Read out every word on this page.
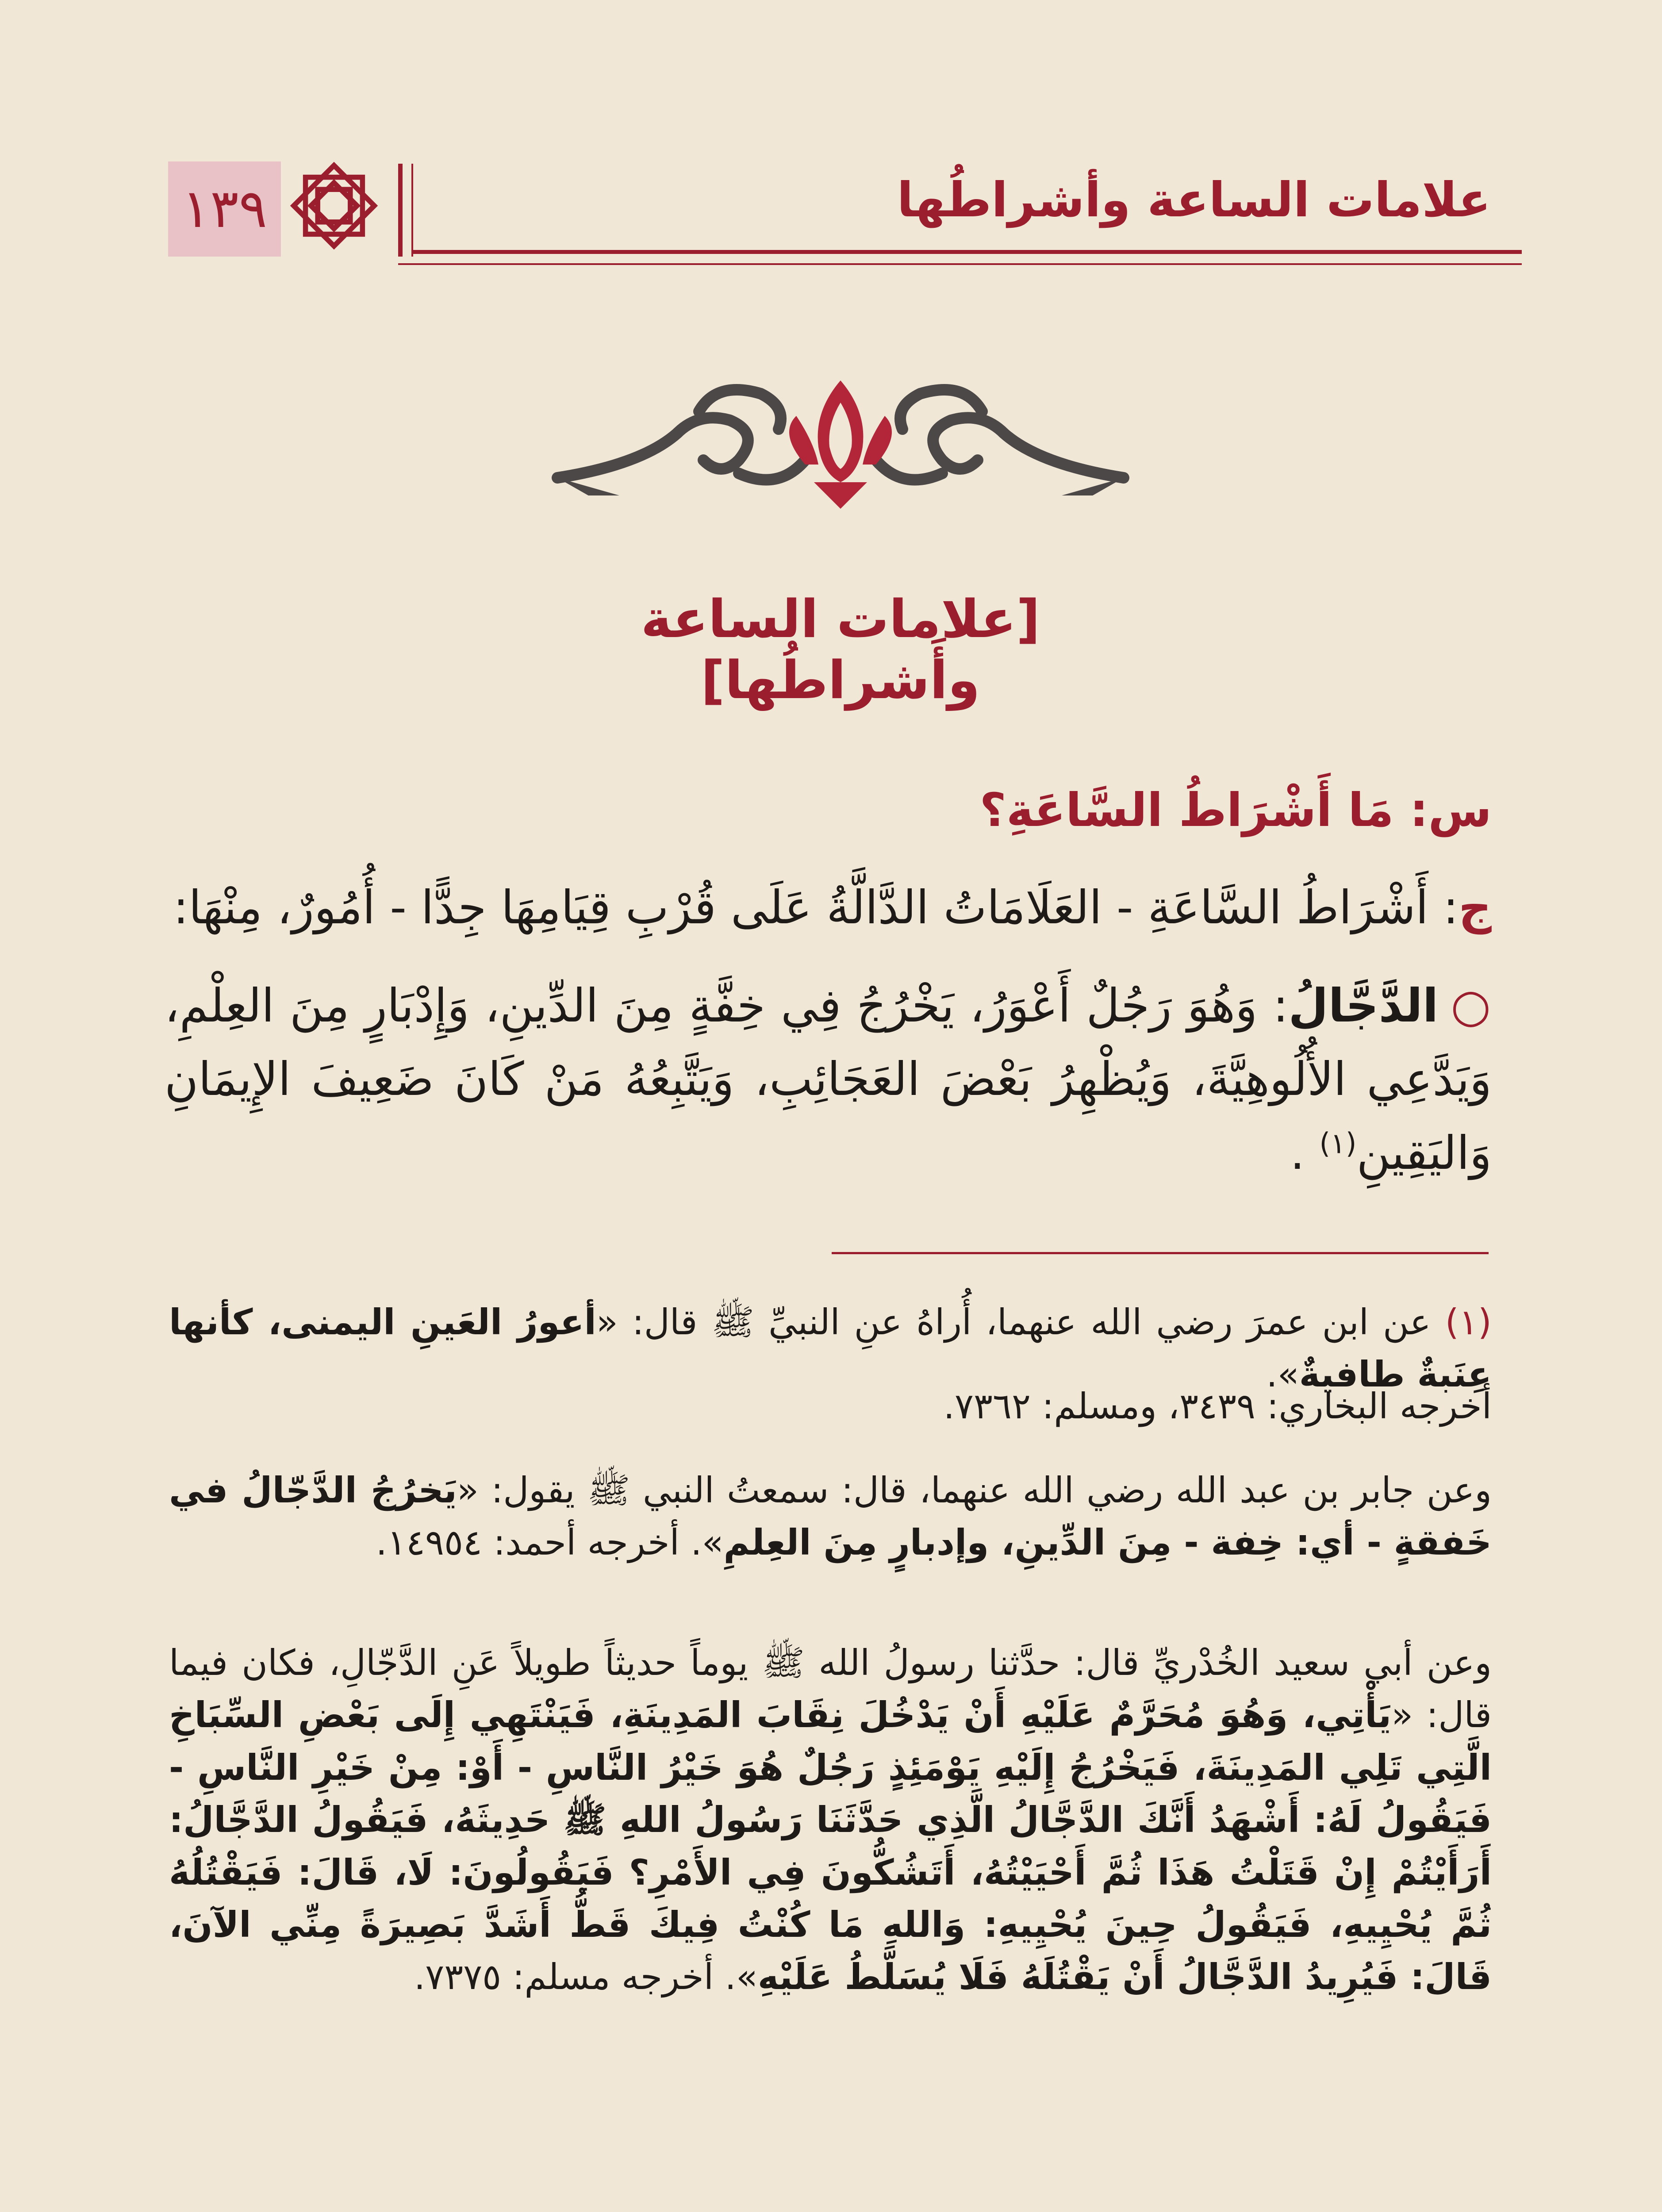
١٣٩	علامات الساعة وأشراطُها
[علامات الساعة وأَشراطُها]
س: مَا أَشْرَاطُ السَّاعَةِ؟
ج: أَشْرَاطُ السَّاعَةِ - العَلَامَاتُ الدَّالَّةُ عَلَى قُرْبِ قِيَامِهَا جِدًّا - أُمُورٌ، مِنْهَا:
○الدَّجَّالُ: وَهُوَ رَجُلٌ أَعْوَرُ، يَخْرُجُ فِي خِفَّةٍ مِنَ الدِّينِ، وَإِدْبَارٍ مِنَ العِلْمِ، وَيَدَّعِي الأُلُوهِيَّةَ، وَيُظْهِرُ بَعْضَ العَجَائِبِ، وَيَتَّبِعُهُ مَنْ كَانَ ضَعِيفَ الإِيمَانِ وَاليَقِينِ$^{(١)}$ .
(١) عن ابن عمرَ رضي الله عنهما، أُراهُ عنِ النبيِّ ﷺ قال: «أعورُ العَينِ اليمنى، كأنها عِنَبةٌ طافيةٌ».
أخرجه البخاري: ٣٤٣٩، ومسلم: ٧٣٦٢.
وعن جابر بن عبد الله رضي الله عنهما، قال: سمعتُ النبي ﷺ يقول: «يَخرُجُ الدَّجّالُ في خَفقةٍ - أي: خِفة - مِنَ الدِّينِ، وإدبارٍ مِنَ العِلمِ». أخرجه أحمد: ١٤٩٥٤.
وعن أبي سعيد الخُدْريِّ قال: حدَّثنا رسولُ الله ﷺ يوماً حديثاً طويلاً عَنِ الدَّجّالِ، فكان فيما قال: «يَأْتِي، وَهُوَ مُحَرَّمٌ عَلَيْهِ أَنْ يَدْخُلَ نِقَابَ المَدِينَةِ، فَيَنْتَهِي إِلَى بَعْضِ السِّبَاخِ الَّتِي تَلِي المَدِينَةَ، فَيَخْرُجُ إِلَيْهِ يَوْمَئِذٍ رَجُلٌ هُوَ خَيْرُ النَّاسِ - أَوْ: مِنْ خَيْرِ النَّاسِ - فَيَقُولُ لَهُ: أَشْهَدُ أَنَّكَ الدَّجَّالُ الَّذِي حَدَّثَنَا رَسُولُ اللهِ ﷺ حَدِيثَهُ، فَيَقُولُ الدَّجَّالُ: أَرَأَيْتُمْ إِنْ قَتَلْتُ هَذَا ثُمَّ أَحْيَيْتُهُ، أَتَشُكُّونَ فِي الأَمْرِ؟ فَيَقُولُونَ: لَا، قَالَ: فَيَقْتُلُهُ ثُمَّ يُحْيِيهِ، فَيَقُولُ حِينَ يُحْيِيهِ: وَاللهِ مَا كُنْتُ فِيكَ قَطُّ أَشَدَّ بَصِيرَةً مِنِّي الآنَ، قَالَ: فَيُرِيدُ الدَّجَّالُ أَنْ يَقْتُلَهُ فَلَا يُسَلَّطُ عَلَيْهِ». أخرجه مسلم: ٧٣٧٥.
